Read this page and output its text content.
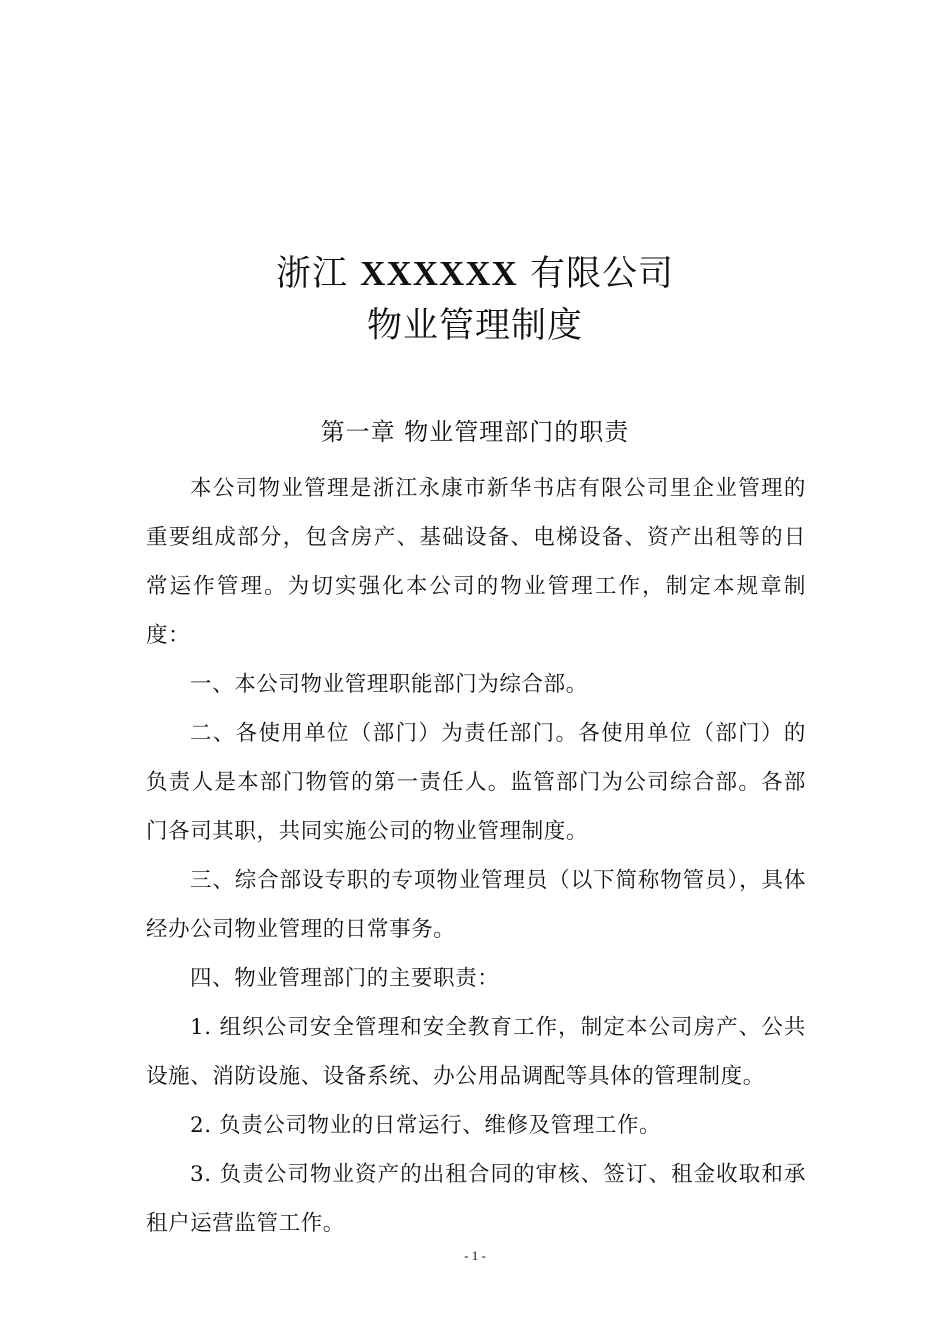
浙江 XXXXXX 有限公司

物业管理制度

第一章 物业管理部门的职责

本公司物业管理是浙江永康市新华书店有限公司里企业管理的重要组成部分，包含房产、基础设备、电梯设备、资产出租等的日常运作管理。为切实强化本公司的物业管理工作，制定本规章制度：

一、本公司物业管理职能部门为综合部。

二、各使用单位（部门）为责任部门。各使用单位（部门）的负责人是本部门物管的第一责任人。监管部门为公司综合部。各部门各司其职，共同实施公司的物业管理制度。

三、综合部设专职的专项物业管理员（以下简称物管员），具体经办公司物业管理的日常事务。

四、物业管理部门的主要职责：

1. 组织公司安全管理和安全教育工作，制定本公司房产、公共设施、消防设施、设备系统、办公用品调配等具体的管理制度。

2. 负责公司物业的日常运行、维修及管理工作。

3. 负责公司物业资产的出租合同的审核、签订、租金收取和承租户运营监管工作。

- 1 -
